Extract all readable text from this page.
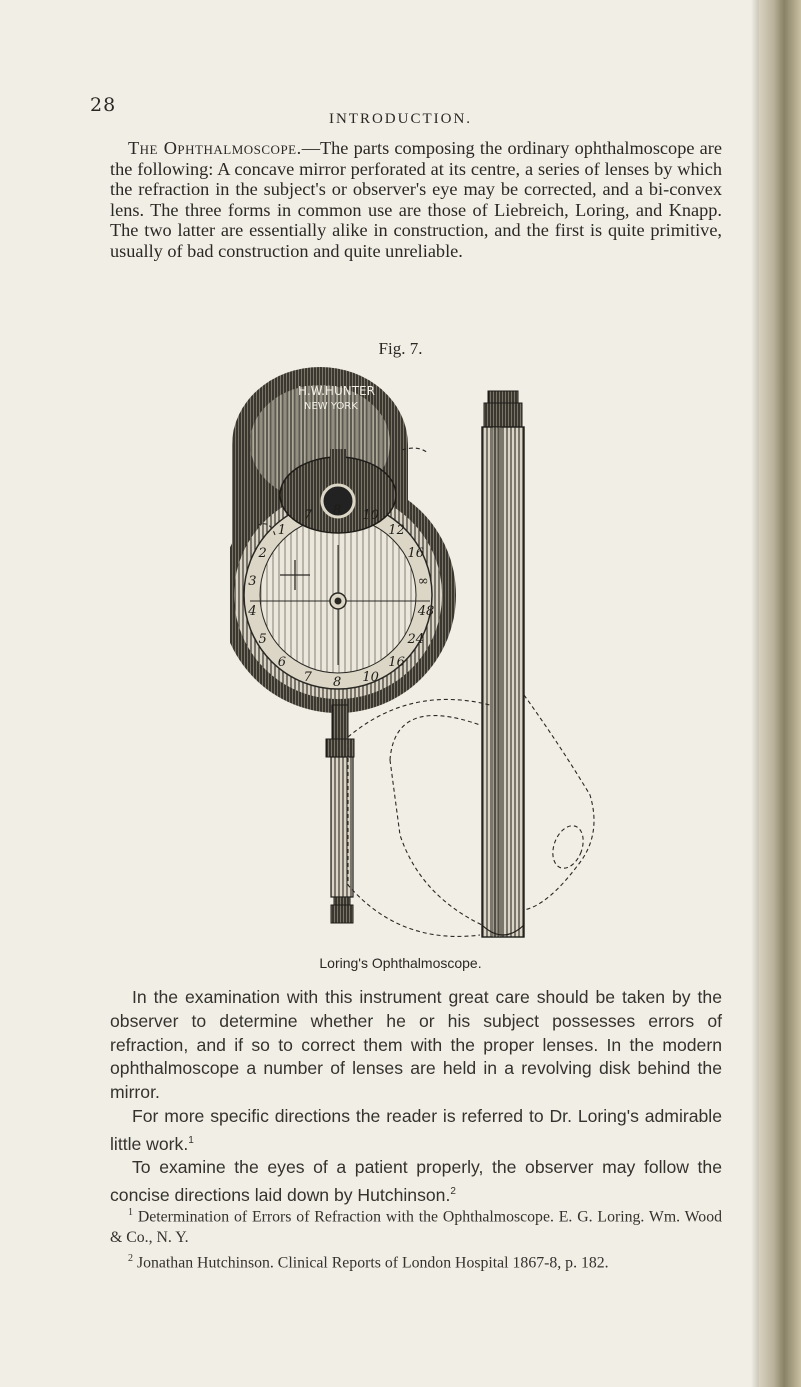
28
INTRODUCTION.
The Ophthalmoscope.—The parts composing the ordinary ophthalmoscope are the following: A concave mirror perforated at its centre, a series of lenses by which the refraction in the subject's or observer's eye may be corrected, and a bi-convex lens. The three forms in common use are those of Liebreich, Loring, and Knapp. The two latter are essentially alike in construction, and the first is quite primitive, usually of bad construction and quite unreliable.
Fig. 7.
H.W.HUNTER
NEW YORK
7 8 10
12
16
∞
48
24
16
10
8
7
6
5
4
3
2
1
Loring's Ophthalmoscope.

In the examination with this instrument great care should be taken by the observer to determine whether he or his subject possesses errors of refraction, and if so to correct them with the proper lenses. In the modern ophthalmoscope a number of lenses are held in a revolving disk behind the mirror.

For more specific directions the reader is referred to Dr. Loring's admirable little work.$^1$

To examine the eyes of a patient properly, the observer may follow the concise directions laid down by Hutchinson.$^2$

$^1$ Determination of Errors of Refraction with the Ophthalmoscope. E. G. Loring. Wm. Wood & Co., N. Y.

$^2$ Jonathan Hutchinson. Clinical Reports of London Hospital 1867-8, p. 182.
